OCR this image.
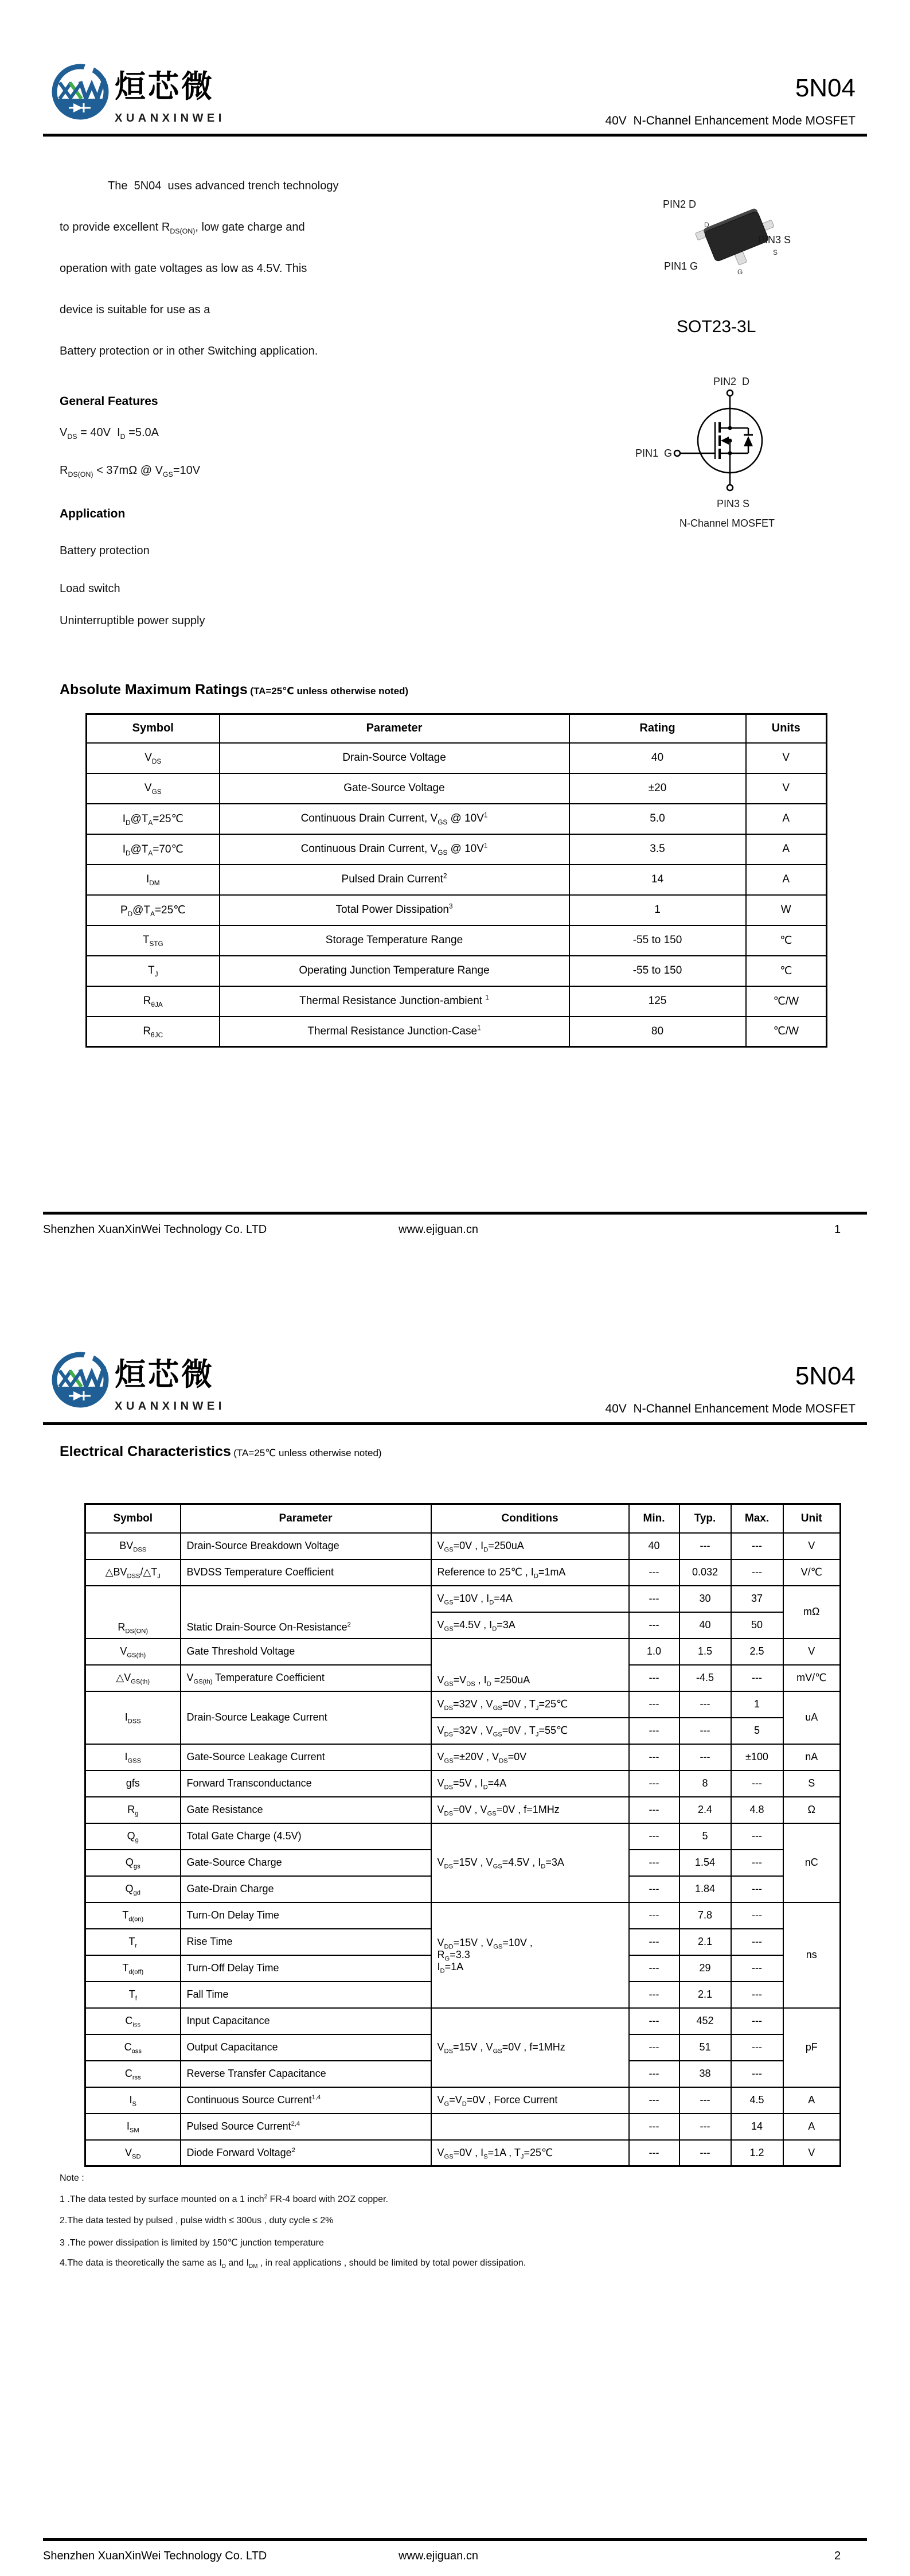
烜芯微
XUANXINWEI
5N04
40V  N-Channel Enhancement Mode MOSFET
The  5N04  uses advanced trench technology
to provide excellent $R_{DS(ON)}$, low gate charge and
operation with gate voltages as low as 4.5V. This
device is suitable for use as a
Battery protection or in other Switching application.
PIN2 D
D
S
G
PIN3 S
PIN1 G
SOT23-3L
PIN2  D
PIN1  G
PIN3 S
N-Channel MOSFET
General Features
$V_{DS} = 40V$  $I_D =5.0A$
$R_{DS(ON)} < 37m\Omega$ @ $V_{GS}=10V$
Application
Battery protection
Load switch
Uninterruptible power supply
Absolute Maximum Ratings (TA=25℃ unless otherwise noted)
Symbol	Parameter	Rating	Units
$V_{DS}$	Drain-Source Voltage	40	V
$V_{GS}$	Gate-Source Voltage	±20	V
$I_D@T_A=25℃$	Continuous Drain Current, $V_{GS}$ @ $10V^1$	5.0	A
$I_D@T_A=70℃$	Continuous Drain Current, $V_{GS}$ @ $10V^1$	3.5	A
$I_{DM}$	Pulsed Drain Current$^2$	14	A
$P_D@T_A=25℃$	Total Power Dissipation$^3$	1	W
$T_{STG}$	Storage Temperature Range	-55 to 150	℃
$T_J$	Operating Junction Temperature Range	-55 to 150	℃
$R_{\theta JA}$	Thermal Resistance Junction-ambient $^1$	125	℃/W
$R_{\theta JC}$	Thermal Resistance Junction-Case$^1$	80	℃/W
Shenzhen XuanXinWei Technology Co. LTD	www.ejiguan.cn	1
烜芯微
XUANXINWEI
5N04
40V  N-Channel Enhancement Mode MOSFET
Electrical Characteristics (TA=25℃ unless otherwise noted)
Symbol	Parameter	Conditions	Min.	Typ.	Max.	Unit
$BV_{DSS}$	Drain-Source Breakdown Voltage	$V_{GS}=0V$ , $I_D=250uA$	40	---	---	V
$\triangle BV_{DSS}/\triangle T_J$	BVDSS Temperature Coefficient	Reference to 25℃ , $I_D=1mA$	---	0.032	---	V/℃
$R_{DS(ON)}$	Static Drain-Source On-Resistance$^2$	$V_{GS}=10V$ , $I_D=4A$	---	30	37	mΩ
		$V_{GS}=4.5V$ , $I_D=3A$	---	40	50	
$V_{GS(th)}$	Gate Threshold Voltage	$V_{GS}=V_{DS}$ , $I_D =250uA$	1.0	1.5	2.5	V
$\triangle V_{GS(th)}$	$V_{GS(th)}$ Temperature Coefficient		---	-4.5	---	mV/℃
$I_{DSS}$	Drain-Source Leakage Current	$V_{DS}=32V$ , $V_{GS}=0V$ , $T_J=25℃$	---	---	1	uA
		$V_{DS}=32V$ , $V_{GS}=0V$ , $T_J=55℃$	---	---	5	
$I_{GSS}$	Gate-Source Leakage Current	$V_{GS}=\pm 20V$ , $V_{DS}=0V$	---	---	±100	nA
gfs	Forward Transconductance	$V_{DS}=5V$ , $I_D=4A$	---	8	---	S
$R_g$	Gate Resistance	$V_{DS}=0V$ , $V_{GS}=0V$ , f=1MHz	---	2.4	4.8	Ω
$Q_g$	Total Gate Charge (4.5V)	$V_{DS}=15V$ , $V_{GS}=4.5V$ , $I_D=3A$	---	5	---	nC
$Q_{gs}$	Gate-Source Charge		---	1.54	---	
$Q_{gd}$	Gate-Drain Charge		---	1.84	---	
$T_{d(on)}$	Turn-On Delay Time	$V_{DD}=15V$ , $V_{GS}=10V$ ,
$R_G=3.3$
$I_D=1A$	---	7.8	---	ns
$T_r$	Rise Time		---	2.1	---	
$T_{d(off)}$	Turn-Off Delay Time		---	29	---	
$T_f$	Fall Time		---	2.1	---	
$C_{iss}$	Input Capacitance	$V_{DS}=15V$ , $V_{GS}=0V$ , f=1MHz	---	452	---	pF
$C_{oss}$	Output Capacitance		---	51	---	
$C_{rss}$	Reverse Transfer Capacitance		---	38	---	
$I_S$	Continuous Source Current$^{1,4}$	$V_G=V_D=0V$ , Force Current	---	---	4.5	A
$I_{SM}$	Pulsed Source Current$^{2,4}$		---	---	14	A
$V_{SD}$	Diode Forward Voltage$^2$	$V_{GS}=0V$ , $I_S=1A$ , $T_J=25℃$	---	---	1.2	V
Note :
1 .The data tested by surface mounted on a 1 inch$^2$ FR-4 board with 2OZ copper.
2.The data tested by pulsed , pulse width ≤ 300us , duty cycle ≤ 2%
3 .The power dissipation is limited by 150℃ junction temperature
4.The data is theoretically the same as $I_D$ and $I_{DM}$ , in real applications , should be limited by total power dissipation.
Shenzhen XuanXinWei Technology Co. LTD	www.ejiguan.cn	2
